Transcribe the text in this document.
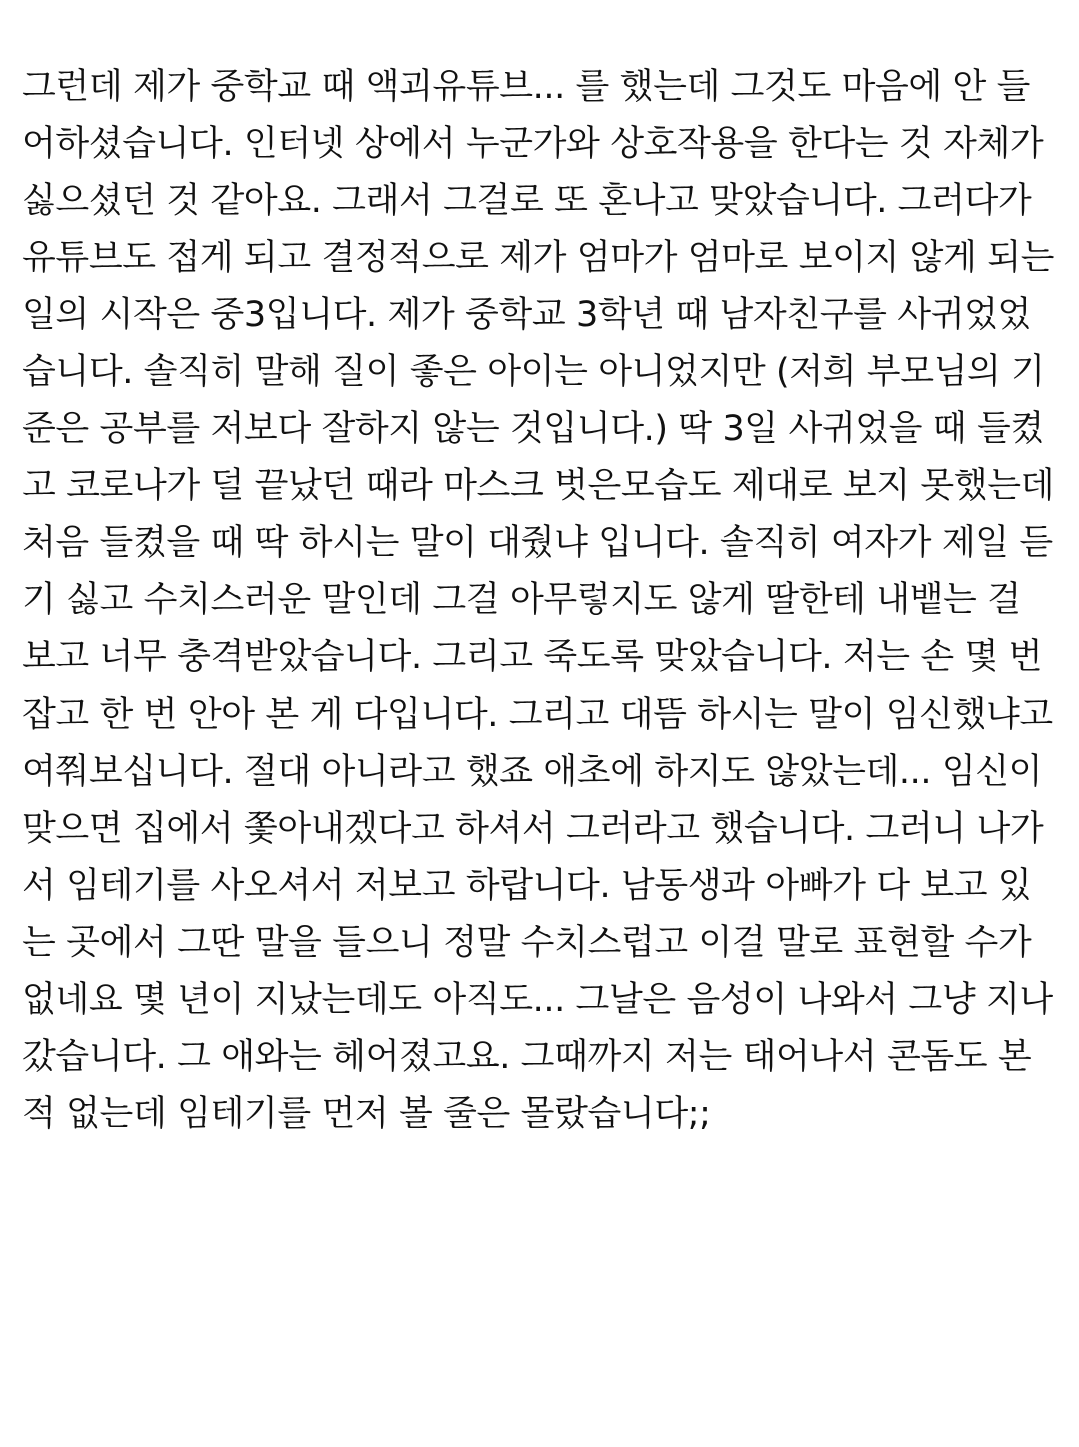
그런데 제가 중학교 때 액괴유튜브... 를 했는데 그것도 마음에 안 들어하셨습니다. 인터넷 상에서 누군가와 상호작용을 한다는 것 자체가 싫으셨던 것 같아요. 그래서 그걸로 또 혼나고 맞았습니다. 그러다가 유튜브도 접게 되고 결정적으로 제가 엄마가 엄마로 보이지 않게 되는 일의 시작은 중3입니다. 제가 중학교 3학년 때 남자친구를 사귀었었습니다. 솔직히 말해 질이 좋은 아이는 아니었지만 (저희 부모님의 기준은 공부를 저보다 잘하지 않는 것입니다.) 딱 3일 사귀었을 때 들켰고 코로나가 덜 끝났던 때라 마스크 벗은모습도 제대로 보지 못했는데 처음 들켰을 때 딱 하시는 말이 대줬냐 입니다. 솔직히 여자가 제일 듣기 싫고 수치스러운 말인데 그걸 아무렇지도 않게 딸한테 내뱉는 걸 보고 너무 충격받았습니다. 그리고 죽도록 맞았습니다. 저는 손 몇 번 잡고 한 번 안아 본 게 다입니다. 그리고 대뜸 하시는 말이 임신했냐고 여쭤보십니다. 절대 아니라고 했죠 애초에 하지도 않았는데... 임신이 맞으면 집에서 쫓아내겠다고 하셔서 그러라고 했습니다. 그러니 나가서 임테기를 사오셔서 저보고 하랍니다. 남동생과 아빠가 다 보고 있는 곳에서 그딴 말을 들으니 정말 수치스럽고 이걸 말로 표현할 수가 없네요 몇 년이 지났는데도 아직도... 그날은 음성이 나와서 그냥 지나갔습니다. 그 애와는 헤어졌고요. 그때까지 저는 태어나서 콘돔도 본 적 없는데 임테기를 먼저 볼 줄은 몰랐습니다;;
